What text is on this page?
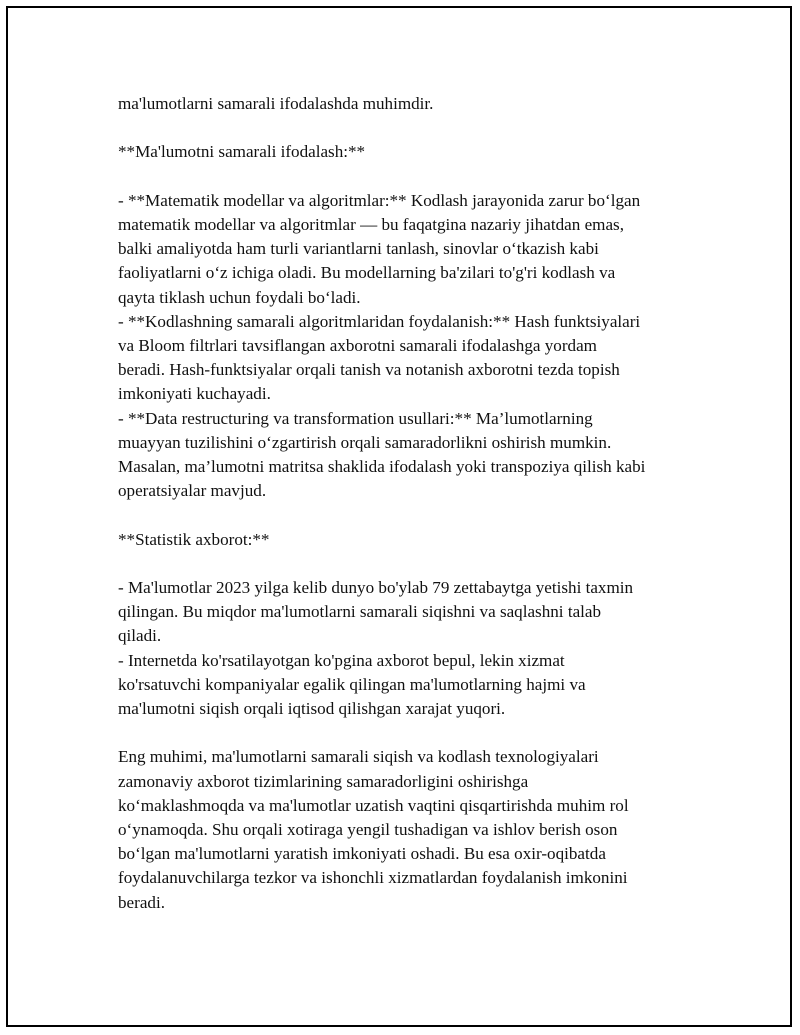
ma'lumotlarni samarali ifodalashda muhimdir.

**Ma'lumotni samarali ifodalash:**

- **Matematik modellar va algoritmlar:** Kodlash jarayonida zarur bo‘lgan
matematik modellar va algoritmlar — bu faqatgina nazariy jihatdan emas,
balki amaliyotda ham turli variantlarni tanlash, sinovlar o‘tkazish kabi
faoliyatlarni o‘z ichiga oladi. Bu modellarning ba'zilari to'g'ri kodlash va
qayta tiklash uchun foydali bo‘ladi.

- **Kodlashning samarali algoritmlaridan foydalanish:** Hash funktsiyalari
va Bloom filtrlari tavsiflangan axborotni samarali ifodalashga yordam
beradi. Hash-funktsiyalar orqali tanish va notanish axborotni tezda topish
imkoniyati kuchayadi.

- **Data restructuring va transformation usullari:** Ma’lumotlarning
muayyan tuzilishini o‘zgartirish orqali samaradorlikni oshirish mumkin.
Masalan, ma’lumotni matritsa shaklida ifodalash yoki transpoziya qilish kabi
operatsiyalar mavjud.

**Statistik axborot:**

- Ma'lumotlar 2023 yilga kelib dunyo bo'ylab 79 zettabaytga yetishi taxmin
qilingan. Bu miqdor ma'lumotlarni samarali siqishni va saqlashni talab
qiladi.

- Internetda ko'rsatilayotgan ko'pgina axborot bepul, lekin xizmat
ko'rsatuvchi kompaniyalar egalik qilingan ma'lumotlarning hajmi va
ma'lumotni siqish orqali iqtisod qilishgan xarajat yuqori.

Eng muhimi, ma'lumotlarni samarali siqish va kodlash texnologiyalari
zamonaviy axborot tizimlarining samaradorligini oshirishga
ko‘maklashmoqda va ma'lumotlar uzatish vaqtini qisqartirishda muhim rol
o‘ynamoqda. Shu orqali xotiraga yengil tushadigan va ishlov berish oson
bo‘lgan ma'lumotlarni yaratish imkoniyati oshadi. Bu esa oxir-oqibatda
foydalanuvchilarga tezkor va ishonchli xizmatlardan foydalanish imkonini
beradi.
